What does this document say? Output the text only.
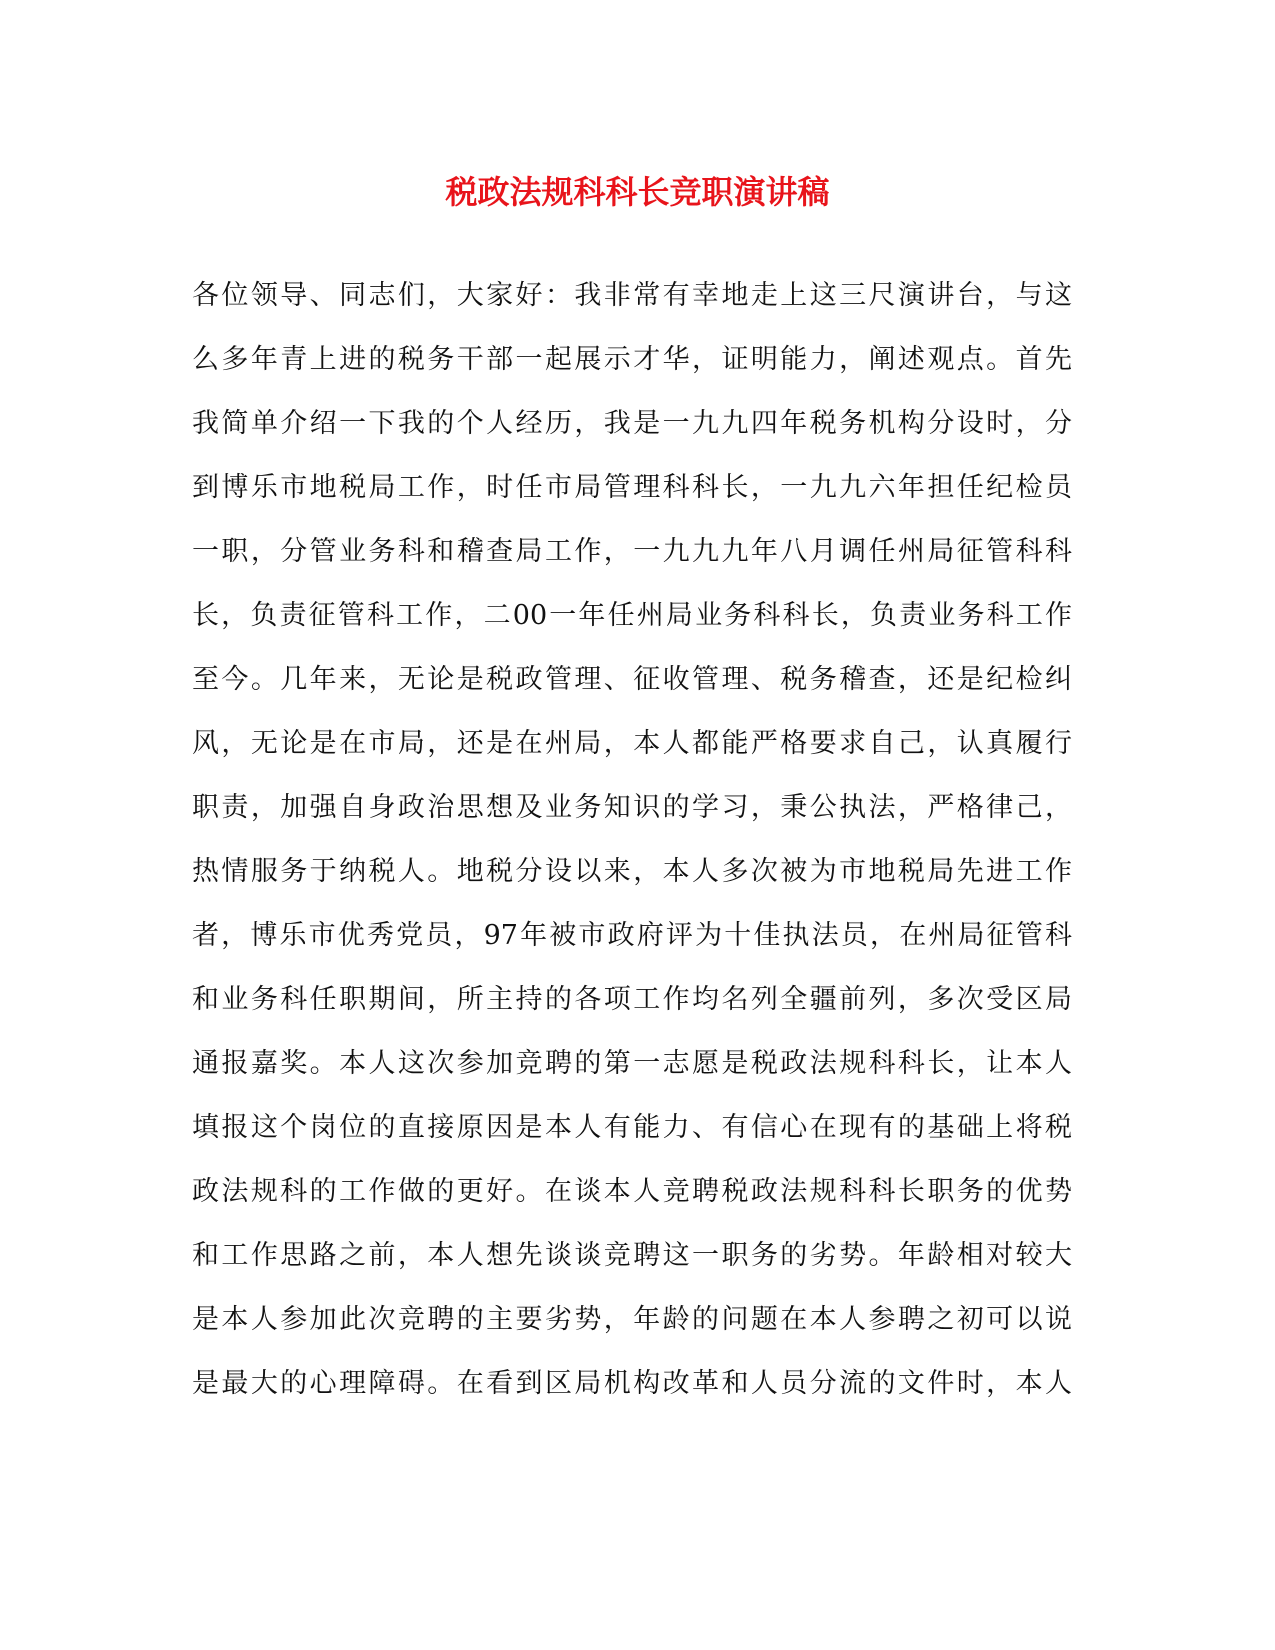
税政法规科科长竞职演讲稿
各位领导、同志们，大家好：我非常有幸地走上这三尺演讲台，与这
么多年青上进的税务干部一起展示才华，证明能力，阐述观点。首先
我简单介绍一下我的个人经历，我是一九九四年税务机构分设时，分
到博乐市地税局工作，时任市局管理科科长，一九九六年担任纪检员
一职，分管业务科和稽查局工作，一九九九年八月调任州局征管科科
长，负责征管科工作，二00一年任州局业务科科长，负责业务科工作
至今。几年来，无论是税政管理、征收管理、税务稽查，还是纪检纠
风，无论是在市局，还是在州局，本人都能严格要求自己，认真履行
职责，加强自身政治思想及业务知识的学习，秉公执法，严格律己，
热情服务于纳税人。地税分设以来，本人多次被为市地税局先进工作
者，博乐市优秀党员，97年被市政府评为十佳执法员，在州局征管科
和业务科任职期间，所主持的各项工作均名列全疆前列，多次受区局
通报嘉奖。本人这次参加竞聘的第一志愿是税政法规科科长，让本人
填报这个岗位的直接原因是本人有能力、有信心在现有的基础上将税
政法规科的工作做的更好。在谈本人竞聘税政法规科科长职务的优势
和工作思路之前，本人想先谈谈竞聘这一职务的劣势。年龄相对较大
是本人参加此次竞聘的主要劣势，年龄的问题在本人参聘之初可以说
是最大的心理障碍。在看到区局机构改革和人员分流的文件时，本人
